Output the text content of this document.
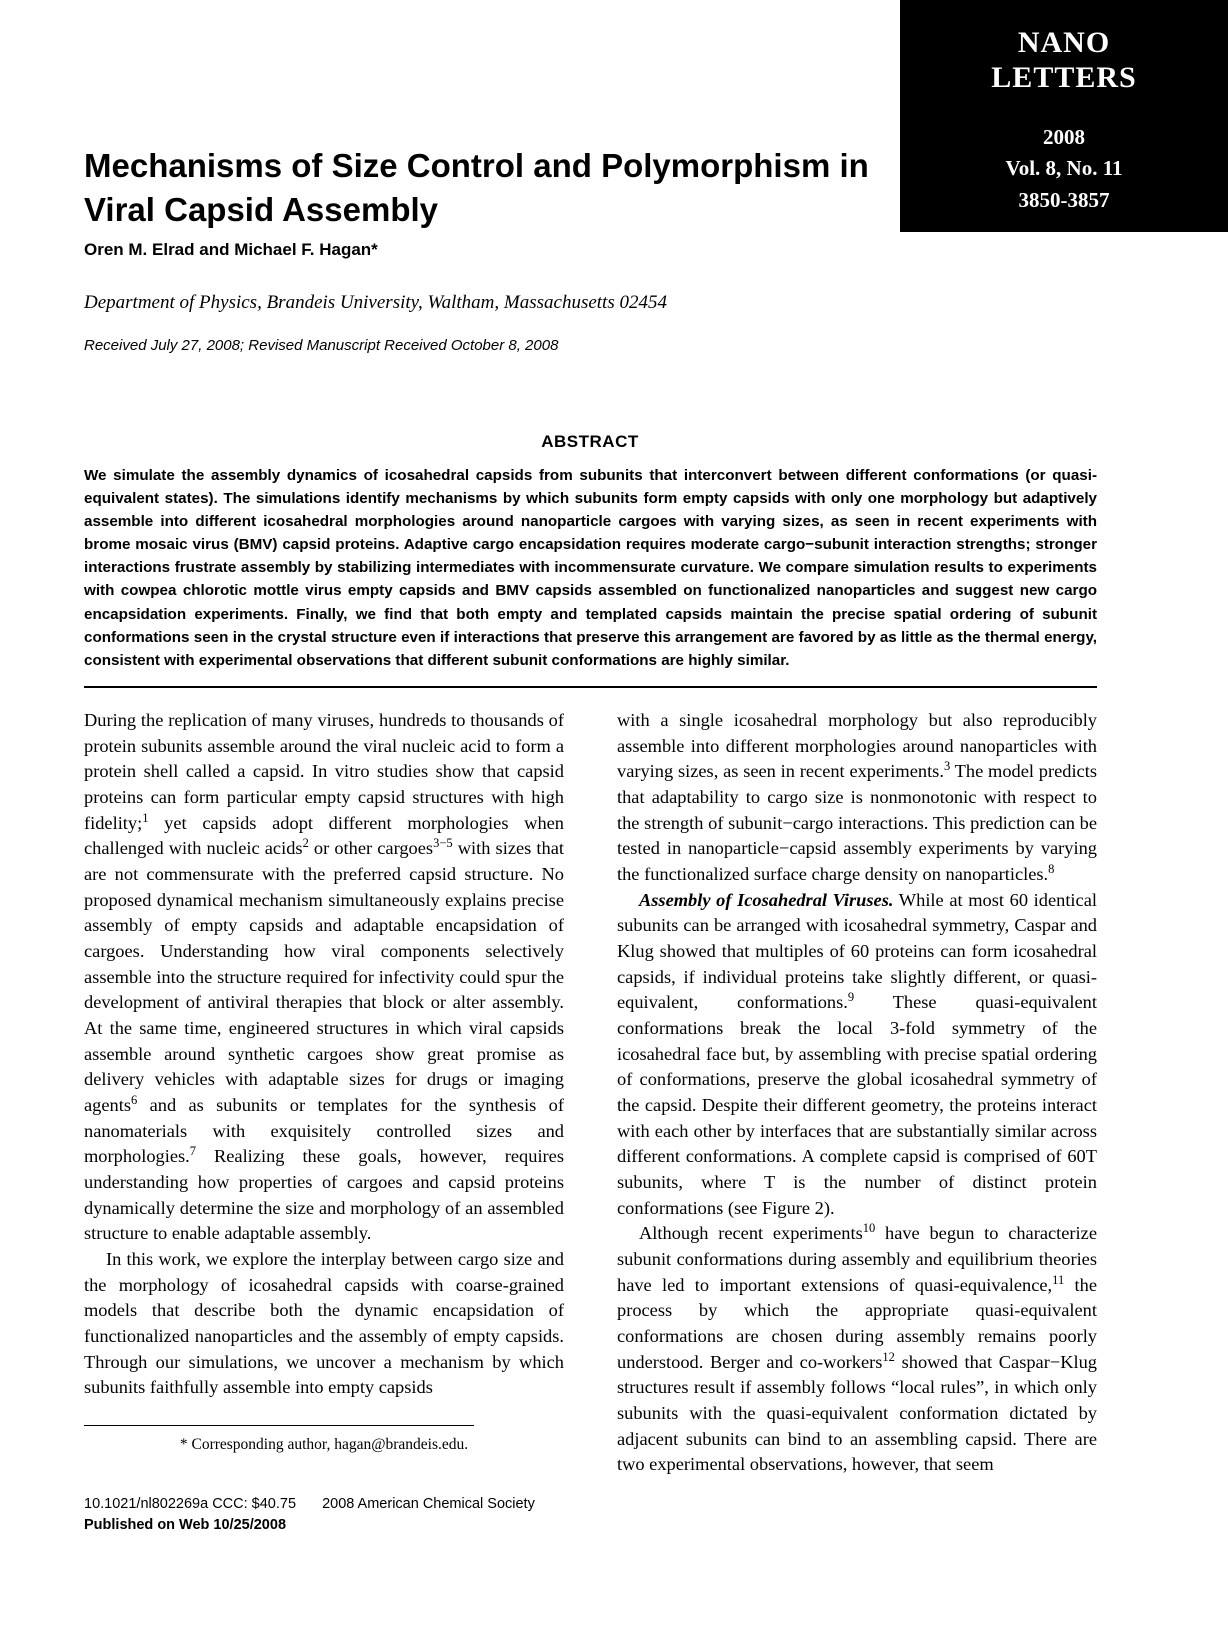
NANO
LETTERS
2008
Vol. 8, No. 11
3850-3857
Mechanisms of Size Control and Polymorphism in Viral Capsid Assembly
Oren M. Elrad and Michael F. Hagan*
Department of Physics, Brandeis University, Waltham, Massachusetts 02454
Received July 27, 2008; Revised Manuscript Received October 8, 2008
ABSTRACT
We simulate the assembly dynamics of icosahedral capsids from subunits that interconvert between different conformations (or quasi-equivalent states). The simulations identify mechanisms by which subunits form empty capsids with only one morphology but adaptively assemble into different icosahedral morphologies around nanoparticle cargoes with varying sizes, as seen in recent experiments with brome mosaic virus (BMV) capsid proteins. Adaptive cargo encapsidation requires moderate cargo−subunit interaction strengths; stronger interactions frustrate assembly by stabilizing intermediates with incommensurate curvature. We compare simulation results to experiments with cowpea chlorotic mottle virus empty capsids and BMV capsids assembled on functionalized nanoparticles and suggest new cargo encapsidation experiments. Finally, we find that both empty and templated capsids maintain the precise spatial ordering of subunit conformations seen in the crystal structure even if interactions that preserve this arrangement are favored by as little as the thermal energy, consistent with experimental observations that different subunit conformations are highly similar.

During the replication of many viruses, hundreds to thousands of protein subunits assemble around the viral nucleic acid to form a protein shell called a capsid. In vitro studies show that capsid proteins can form particular empty capsid structures with high fidelity;$^1$ yet capsids adopt different morphologies when challenged with nucleic acids$^2$ or other cargoes$^{3-5}$ with sizes that are not commensurate with the preferred capsid structure. No proposed dynamical mechanism simultaneously explains precise assembly of empty capsids and adaptable encapsidation of cargoes. Understanding how viral components selectively assemble into the structure required for infectivity could spur the development of antiviral therapies that block or alter assembly. At the same time, engineered structures in which viral capsids assemble around synthetic cargoes show great promise as delivery vehicles with adaptable sizes for drugs or imaging agents$^6$ and as subunits or templates for the synthesis of nanomaterials with exquisitely controlled sizes and morphologies.$^7$ Realizing these goals, however, requires understanding how properties of cargoes and capsid proteins dynamically determine the size and morphology of an assembled structure to enable adaptable assembly.

In this work, we explore the interplay between cargo size and the morphology of icosahedral capsids with coarse-grained models that describe both the dynamic encapsidation of functionalized nanoparticles and the assembly of empty capsids. Through our simulations, we uncover a mechanism by which subunits faithfully assemble into empty capsids

with a single icosahedral morphology but also reproducibly assemble into different morphologies around nanoparticles with varying sizes, as seen in recent experiments.$^3$ The model predicts that adaptability to cargo size is nonmonotonic with respect to the strength of subunit−cargo interactions. This prediction can be tested in nanoparticle−capsid assembly experiments by varying the functionalized surface charge density on nanoparticles.$^8$

Assembly of Icosahedral Viruses. While at most 60 identical subunits can be arranged with icosahedral symmetry, Caspar and Klug showed that multiples of 60 proteins can form icosahedral capsids, if individual proteins take slightly different, or quasi-equivalent, conformations.$^9$ These quasi-equivalent conformations break the local 3-fold symmetry of the icosahedral face but, by assembling with precise spatial ordering of conformations, preserve the global icosahedral symmetry of the capsid. Despite their different geometry, the proteins interact with each other by interfaces that are substantially similar across different conformations. A complete capsid is comprised of 60T subunits, where T is the number of distinct protein conformations (see Figure 2).

Although recent experiments$^{10}$ have begun to characterize subunit conformations during assembly and equilibrium theories have led to important extensions of quasi-equivalence,$^{11}$ the process by which the appropriate quasi-equivalent conformations are chosen during assembly remains poorly understood. Berger and co-workers$^{12}$ showed that Caspar−Klug structures result if assembly follows “local rules”, in which only subunits with the quasi-equivalent conformation dictated by adjacent subunits can bind to an assembling capsid. There are two experimental observations, however, that seem

* Corresponding author, hagan@brandeis.edu.
10.1021/nl802269a CCC: $40.75 2008 American Chemical Society
Published on Web 10/25/2008
